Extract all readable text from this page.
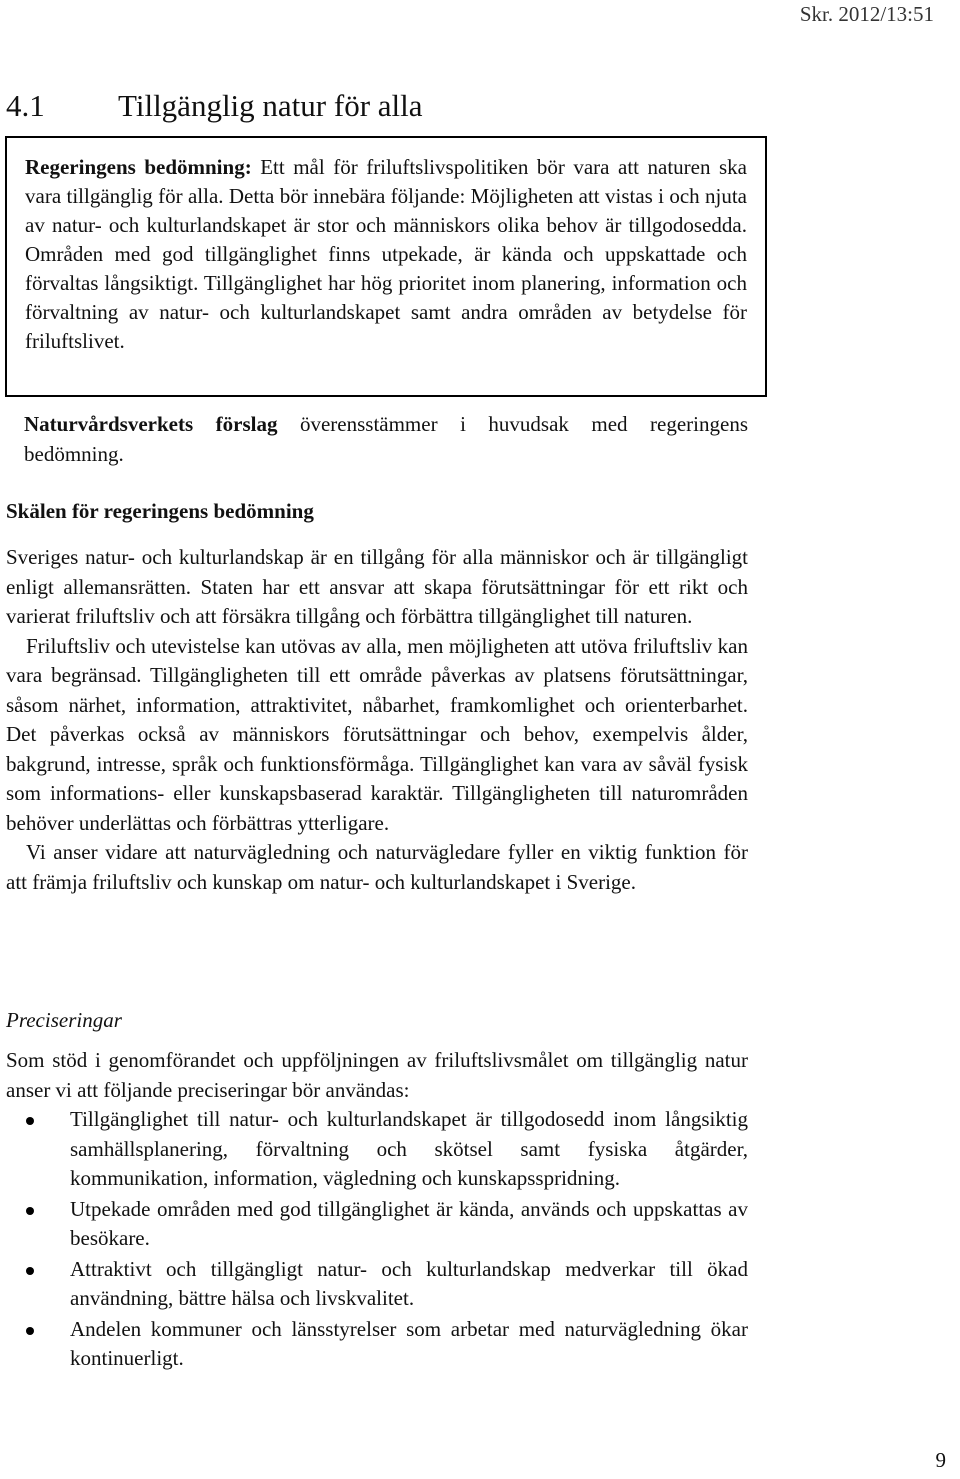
Skr. 2012/13:51
4.1 Tillgänglig natur för alla
Regeringens bedömning: Ett mål för friluftslivspolitiken bör vara att naturen ska vara tillgänglig för alla. Detta bör innebära följande: Möjligheten att vistas i och njuta av natur- och kulturlandskapet är stor och människors olika behov är tillgodosedda. Områden med god tillgänglighet finns utpekade, är kända och uppskattade och förvaltas långsiktigt. Tillgänglighet har hög prioritet inom planering, information och förvaltning av natur- och kulturlandskapet samt andra områden av betydelse för friluftslivet.
Naturvårdsverkets förslag överensstämmer i huvudsak med regeringens bedömning.
Skälen för regeringens bedömning

Sveriges natur- och kulturlandskap är en tillgång för alla människor och är tillgängligt enligt allemansrätten. Staten har ett ansvar att skapa förutsättningar för ett rikt och varierat friluftsliv och att försäkra tillgång och förbättra tillgänglighet till naturen.

Friluftsliv och utevistelse kan utövas av alla, men möjligheten att utöva friluftsliv kan vara begränsad. Tillgängligheten till ett område påverkas av platsens förutsättningar, såsom närhet, information, attraktivitet, nåbarhet, framkomlighet och orienterbarhet. Det påverkas också av människors förutsättningar och behov, exempelvis ålder, bakgrund, intresse, språk och funktionsförmåga. Tillgänglighet kan vara av såväl fysisk som informations- eller kunskapsbaserad karaktär. Tillgängligheten till naturområden behöver underlättas och förbättras ytterligare.

Vi anser vidare att naturvägledning och naturvägledare fyller en viktig funktion för att främja friluftsliv och kunskap om natur- och kulturlandskapet i Sverige.

Preciseringar

Som stöd i genomförandet och uppföljningen av friluftslivsmålet om tillgänglig natur anser vi att följande preciseringar bör användas:

Tillgänglighet till natur- och kulturlandskapet är tillgodosedd inom långsiktig samhällsplanering, förvaltning och skötsel samt fysiska åtgärder, kommunikation, information, vägledning och kunskapsspridning.
Utpekade områden med god tillgänglighet är kända, används och uppskattas av besökare.
Attraktivt och tillgängligt natur- och kulturlandskap medverkar till ökad användning, bättre hälsa och livskvalitet.
Andelen kommuner och länsstyrelser som arbetar med naturvägledning ökar kontinuerligt.
9
